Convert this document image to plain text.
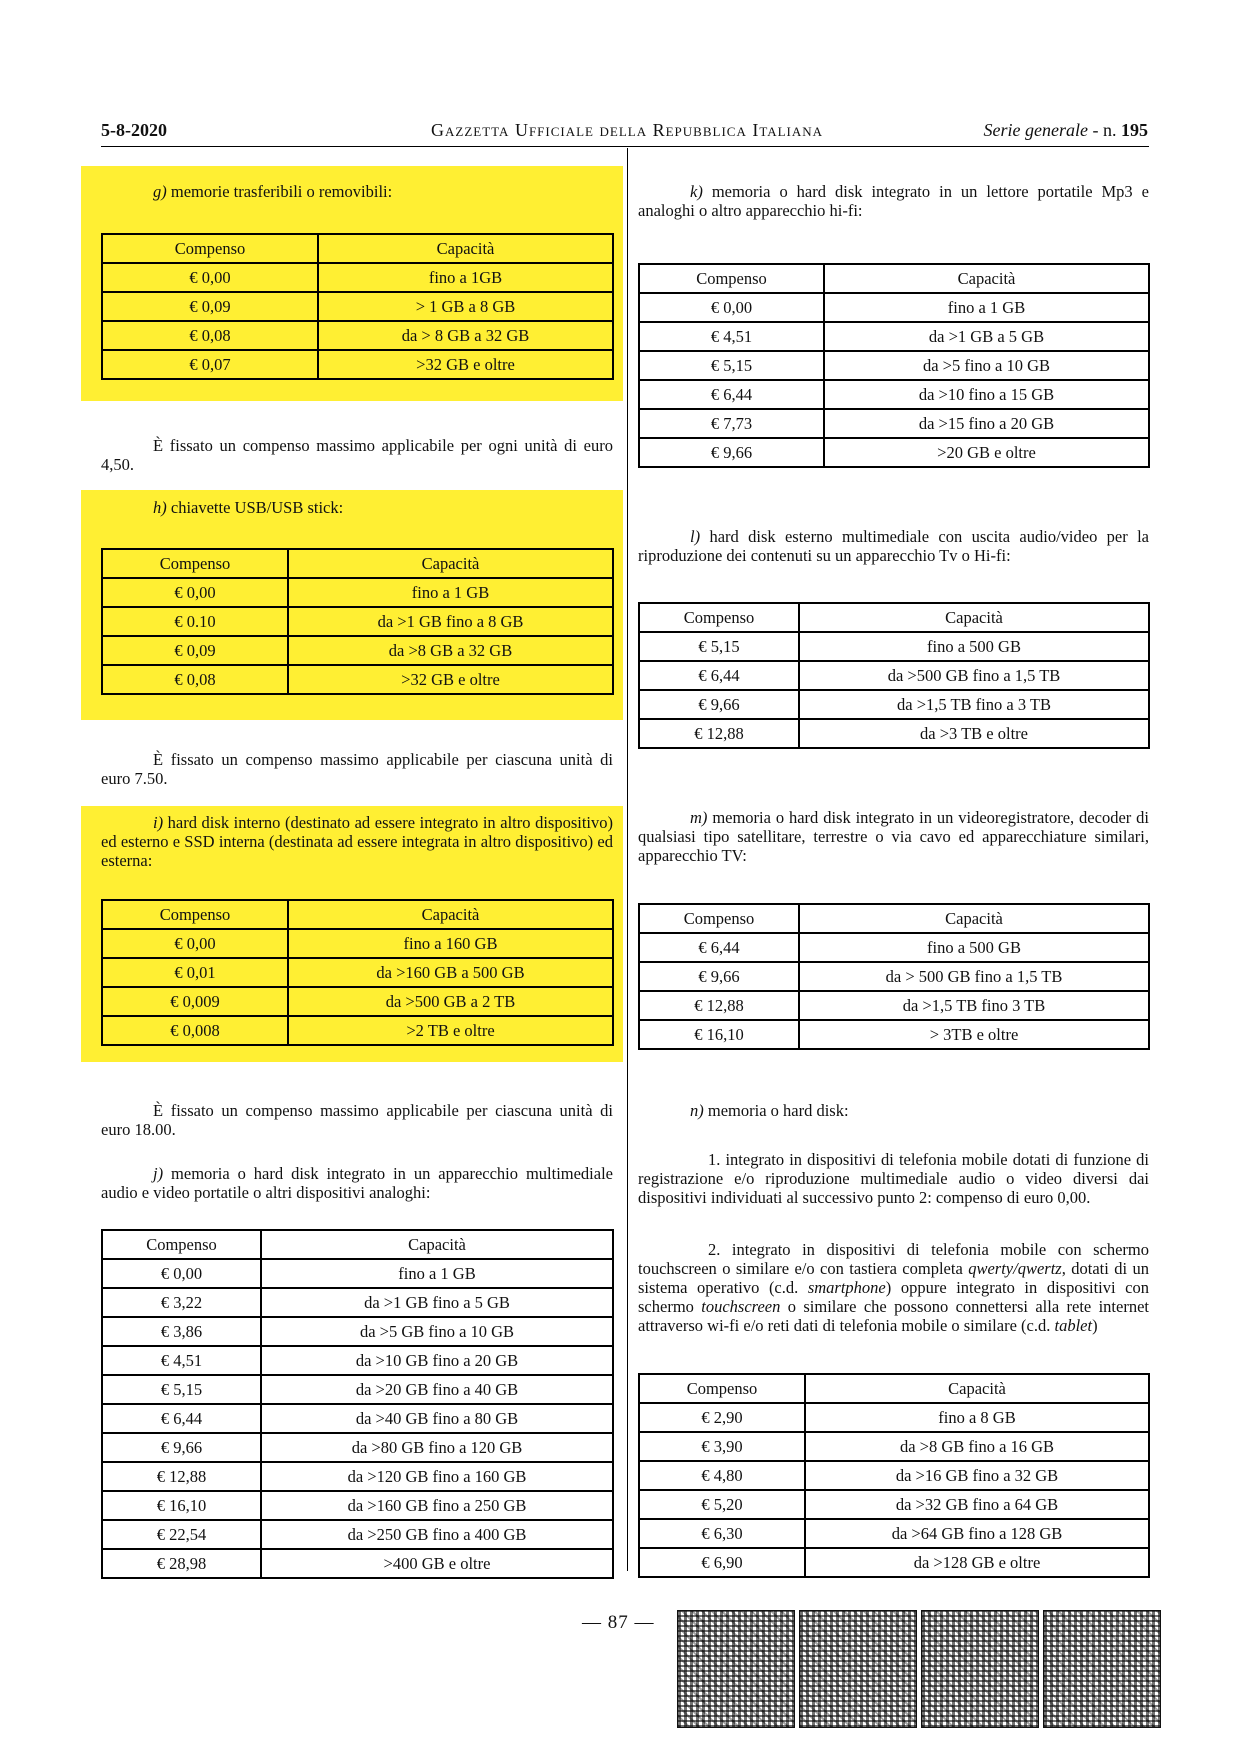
5-8-2020	Gazzetta Ufficiale della Repubblica Italiana	Serie generale - n. 195

g) memorie trasferibili o removibili:

Compenso	Capacità
€ 0,00	fino a 1GB
€ 0,09	> 1 GB a 8 GB
€ 0,08	da > 8 GB a 32 GB
€ 0,07	>32 GB e oltre

È fissato un compenso massimo applicabile per ogni unità di euro 4,50.

h) chiavette USB/USB stick:

Compenso	Capacità
€ 0,00	fino a 1 GB
€ 0.10	da >1 GB fino a 8 GB
€ 0,09	da >8 GB a 32 GB
€ 0,08	>32 GB e oltre

È fissato un compenso massimo applicabile per ciascuna unità di euro 7.50.

i) hard disk interno (destinato ad essere integrato in altro dispositivo) ed esterno e SSD interna (destinata ad essere integrata in altro dispositivo) ed esterna:

Compenso	Capacità
€ 0,00	fino a 160 GB
€ 0,01	da >160 GB a 500 GB
€ 0,009	da >500 GB a 2 TB
€ 0,008	>2 TB e oltre

È fissato un compenso massimo applicabile per ciascuna unità di euro 18.00.

j) memoria o hard disk integrato in un apparecchio multimediale audio e video portatile o altri dispositivi analoghi:

Compenso	Capacità
€ 0,00	fino a 1 GB
€ 3,22	da >1 GB fino a 5 GB
€ 3,86	da >5 GB fino a 10 GB
€ 4,51	da >10 GB fino a 20 GB
€ 5,15	da >20 GB fino a 40 GB
€ 6,44	da >40 GB fino a 80 GB
€ 9,66	da >80 GB fino a 120 GB
€ 12,88	da >120 GB fino a 160 GB
€ 16,10	da >160 GB fino a 250 GB
€ 22,54	da >250 GB fino a 400 GB
€ 28,98	>400 GB e oltre

k) memoria o hard disk integrato in un lettore portatile Mp3 e analoghi o altro apparecchio hi-fi:

Compenso	Capacità
€ 0,00	fino a 1 GB
€ 4,51	da >1 GB a 5 GB
€ 5,15	da >5 fino a 10 GB
€ 6,44	da >10 fino a 15 GB
€ 7,73	da >15 fino a 20 GB
€ 9,66	>20 GB e oltre

l) hard disk esterno multimediale con uscita audio/video per la riproduzione dei contenuti su un apparecchio Tv o Hi-fi:

Compenso	Capacità
€ 5,15	fino a 500 GB
€ 6,44	da >500 GB fino a 1,5 TB
€ 9,66	da >1,5 TB fino a 3 TB
€ 12,88	da >3 TB e oltre

m) memoria o hard disk integrato in un videoregistratore, decoder di qualsiasi tipo satellitare, terrestre o via cavo ed apparecchiature similari, apparecchio TV:

Compenso	Capacità
€ 6,44	fino a 500 GB
€ 9,66	da > 500 GB fino a 1,5 TB
€ 12,88	da >1,5 TB fino 3 TB
€ 16,10	> 3TB e oltre

n) memoria o hard disk:

1. integrato in dispositivi di telefonia mobile dotati di funzione di registrazione e/o riproduzione multimediale audio o video diversi dai dispositivi individuati al successivo punto 2: compenso di euro 0,00.

2. integrato in dispositivi di telefonia mobile con schermo touchscreen o similare e/o con tastiera completa qwerty/qwertz, dotati di un sistema operativo (c.d. smartphone) oppure integrato in dispositivi con schermo touchscreen o similare che possono connettersi alla rete internet attraverso wi-fi e/o reti dati di telefonia mobile o similare (c.d. tablet)

Compenso	Capacità
€ 2,90	fino a 8 GB
€ 3,90	da >8 GB fino a 16 GB
€ 4,80	da >16 GB fino a 32 GB
€ 5,20	da >32 GB fino a 64 GB
€ 6,30	da >64 GB fino a 128 GB
€ 6,90	da >128 GB e oltre
— 87 —
